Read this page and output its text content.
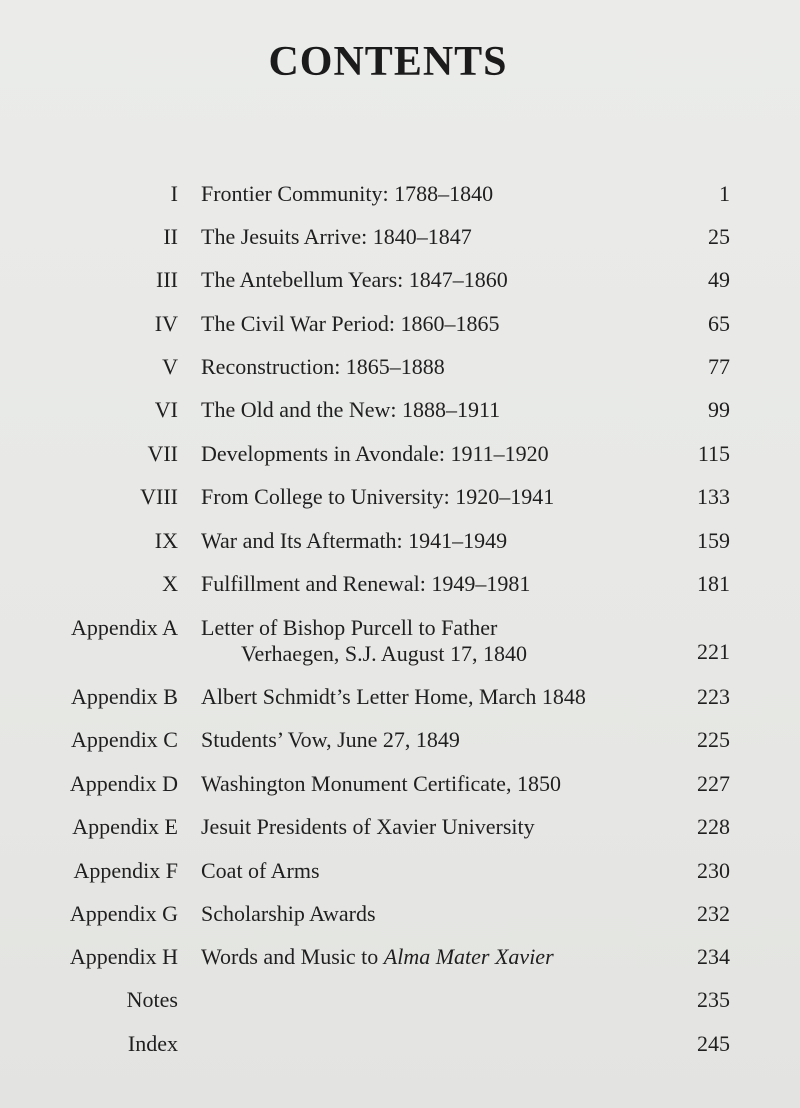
CONTENTS
I Frontier Community: 1788–1840	1
II The Jesuits Arrive: 1840–1847	25
III The Antebellum Years: 1847–1860	49
IV The Civil War Period: 1860–1865	65
V Reconstruction: 1865–1888	77
VI The Old and the New: 1888–1911	99
VII Developments in Avondale: 1911–1920	115
VIII From College to University: 1920–1941	133
IX War and Its Aftermath: 1941–1949	159
X Fulfillment and Renewal: 1949–1981	181
Appendix A Letter of Bishop Purcell to Father
Verhaegen, S.J. August 17, 1840	221
Appendix B Albert Schmidt’s Letter Home, March 1848	223
Appendix C Students’ Vow, June 27, 1849	225
Appendix D Washington Monument Certificate, 1850	227
Appendix E Jesuit Presidents of Xavier University	228
Appendix F Coat of Arms	230
Appendix G Scholarship Awards	232
Appendix H Words and Music to Alma Mater Xavier	234
Notes	235
Index	245
